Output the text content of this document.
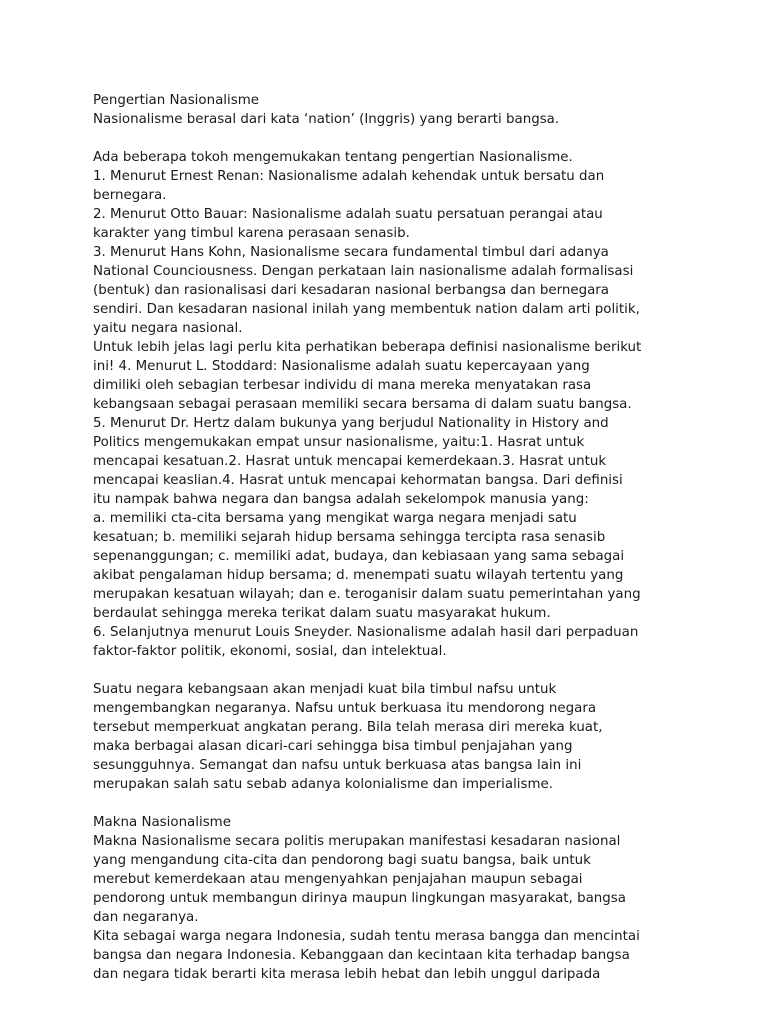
Pengertian Nasionalisme
Nasionalisme berasal dari kata ‘nation’ (Inggris) yang berarti bangsa.
Ada beberapa tokoh mengemukakan tentang pengertian Nasionalisme.
1. Menurut Ernest Renan: Nasionalisme adalah kehendak untuk bersatu dan
bernegara.
2. Menurut Otto Bauar: Nasionalisme adalah suatu persatuan perangai atau
karakter yang timbul karena perasaan senasib.
3. Menurut Hans Kohn, Nasionalisme secara fundamental timbul dari adanya
National Counciousness. Dengan perkataan lain nasionalisme adalah formalisasi
(bentuk) dan rasionalisasi dari kesadaran nasional berbangsa dan bernegara
sendiri. Dan kesadaran nasional inilah yang membentuk nation dalam arti politik,
yaitu negara nasional.
Untuk lebih jelas lagi perlu kita perhatikan beberapa definisi nasionalisme berikut
ini! 4. Menurut L. Stoddard: Nasionalisme adalah suatu kepercayaan yang
dimiliki oleh sebagian terbesar individu di mana mereka menyatakan rasa
kebangsaan sebagai perasaan memiliki secara bersama di dalam suatu bangsa.
5. Menurut Dr. Hertz dalam bukunya yang berjudul Nationality in History and
Politics mengemukakan empat unsur nasionalisme, yaitu:1. Hasrat untuk
mencapai kesatuan.2. Hasrat untuk mencapai kemerdekaan.3. Hasrat untuk
mencapai keaslian.4. Hasrat untuk mencapai kehormatan bangsa. Dari definisi
itu nampak bahwa negara dan bangsa adalah sekelompok manusia yang:
a. memiliki cta-cita bersama yang mengikat warga negara menjadi satu
kesatuan; b. memiliki sejarah hidup bersama sehingga tercipta rasa senasib
sepenanggungan; c. memiliki adat, budaya, dan kebiasaan yang sama sebagai
akibat pengalaman hidup bersama; d. menempati suatu wilayah tertentu yang
merupakan kesatuan wilayah; dan e. teroganisir dalam suatu pemerintahan yang
berdaulat sehingga mereka terikat dalam suatu masyarakat hukum.
6. Selanjutnya menurut Louis Sneyder. Nasionalisme adalah hasil dari perpaduan
faktor-faktor politik, ekonomi, sosial, dan intelektual.
Suatu negara kebangsaan akan menjadi kuat bila timbul nafsu untuk
mengembangkan negaranya. Nafsu untuk berkuasa itu mendorong negara
tersebut memperkuat angkatan perang. Bila telah merasa diri mereka kuat,
maka berbagai alasan dicari-cari sehingga bisa timbul penjajahan yang
sesungguhnya. Semangat dan nafsu untuk berkuasa atas bangsa lain ini
merupakan salah satu sebab adanya kolonialisme dan imperialisme.
Makna Nasionalisme
Makna Nasionalisme secara politis merupakan manifestasi kesadaran nasional
yang mengandung cita-cita dan pendorong bagi suatu bangsa, baik untuk
merebut kemerdekaan atau mengenyahkan penjajahan maupun sebagai
pendorong untuk membangun dirinya maupun lingkungan masyarakat, bangsa
dan negaranya.
Kita sebagai warga negara Indonesia, sudah tentu merasa bangga dan mencintai
bangsa dan negara Indonesia. Kebanggaan dan kecintaan kita terhadap bangsa
dan negara tidak berarti kita merasa lebih hebat dan lebih unggul daripada
